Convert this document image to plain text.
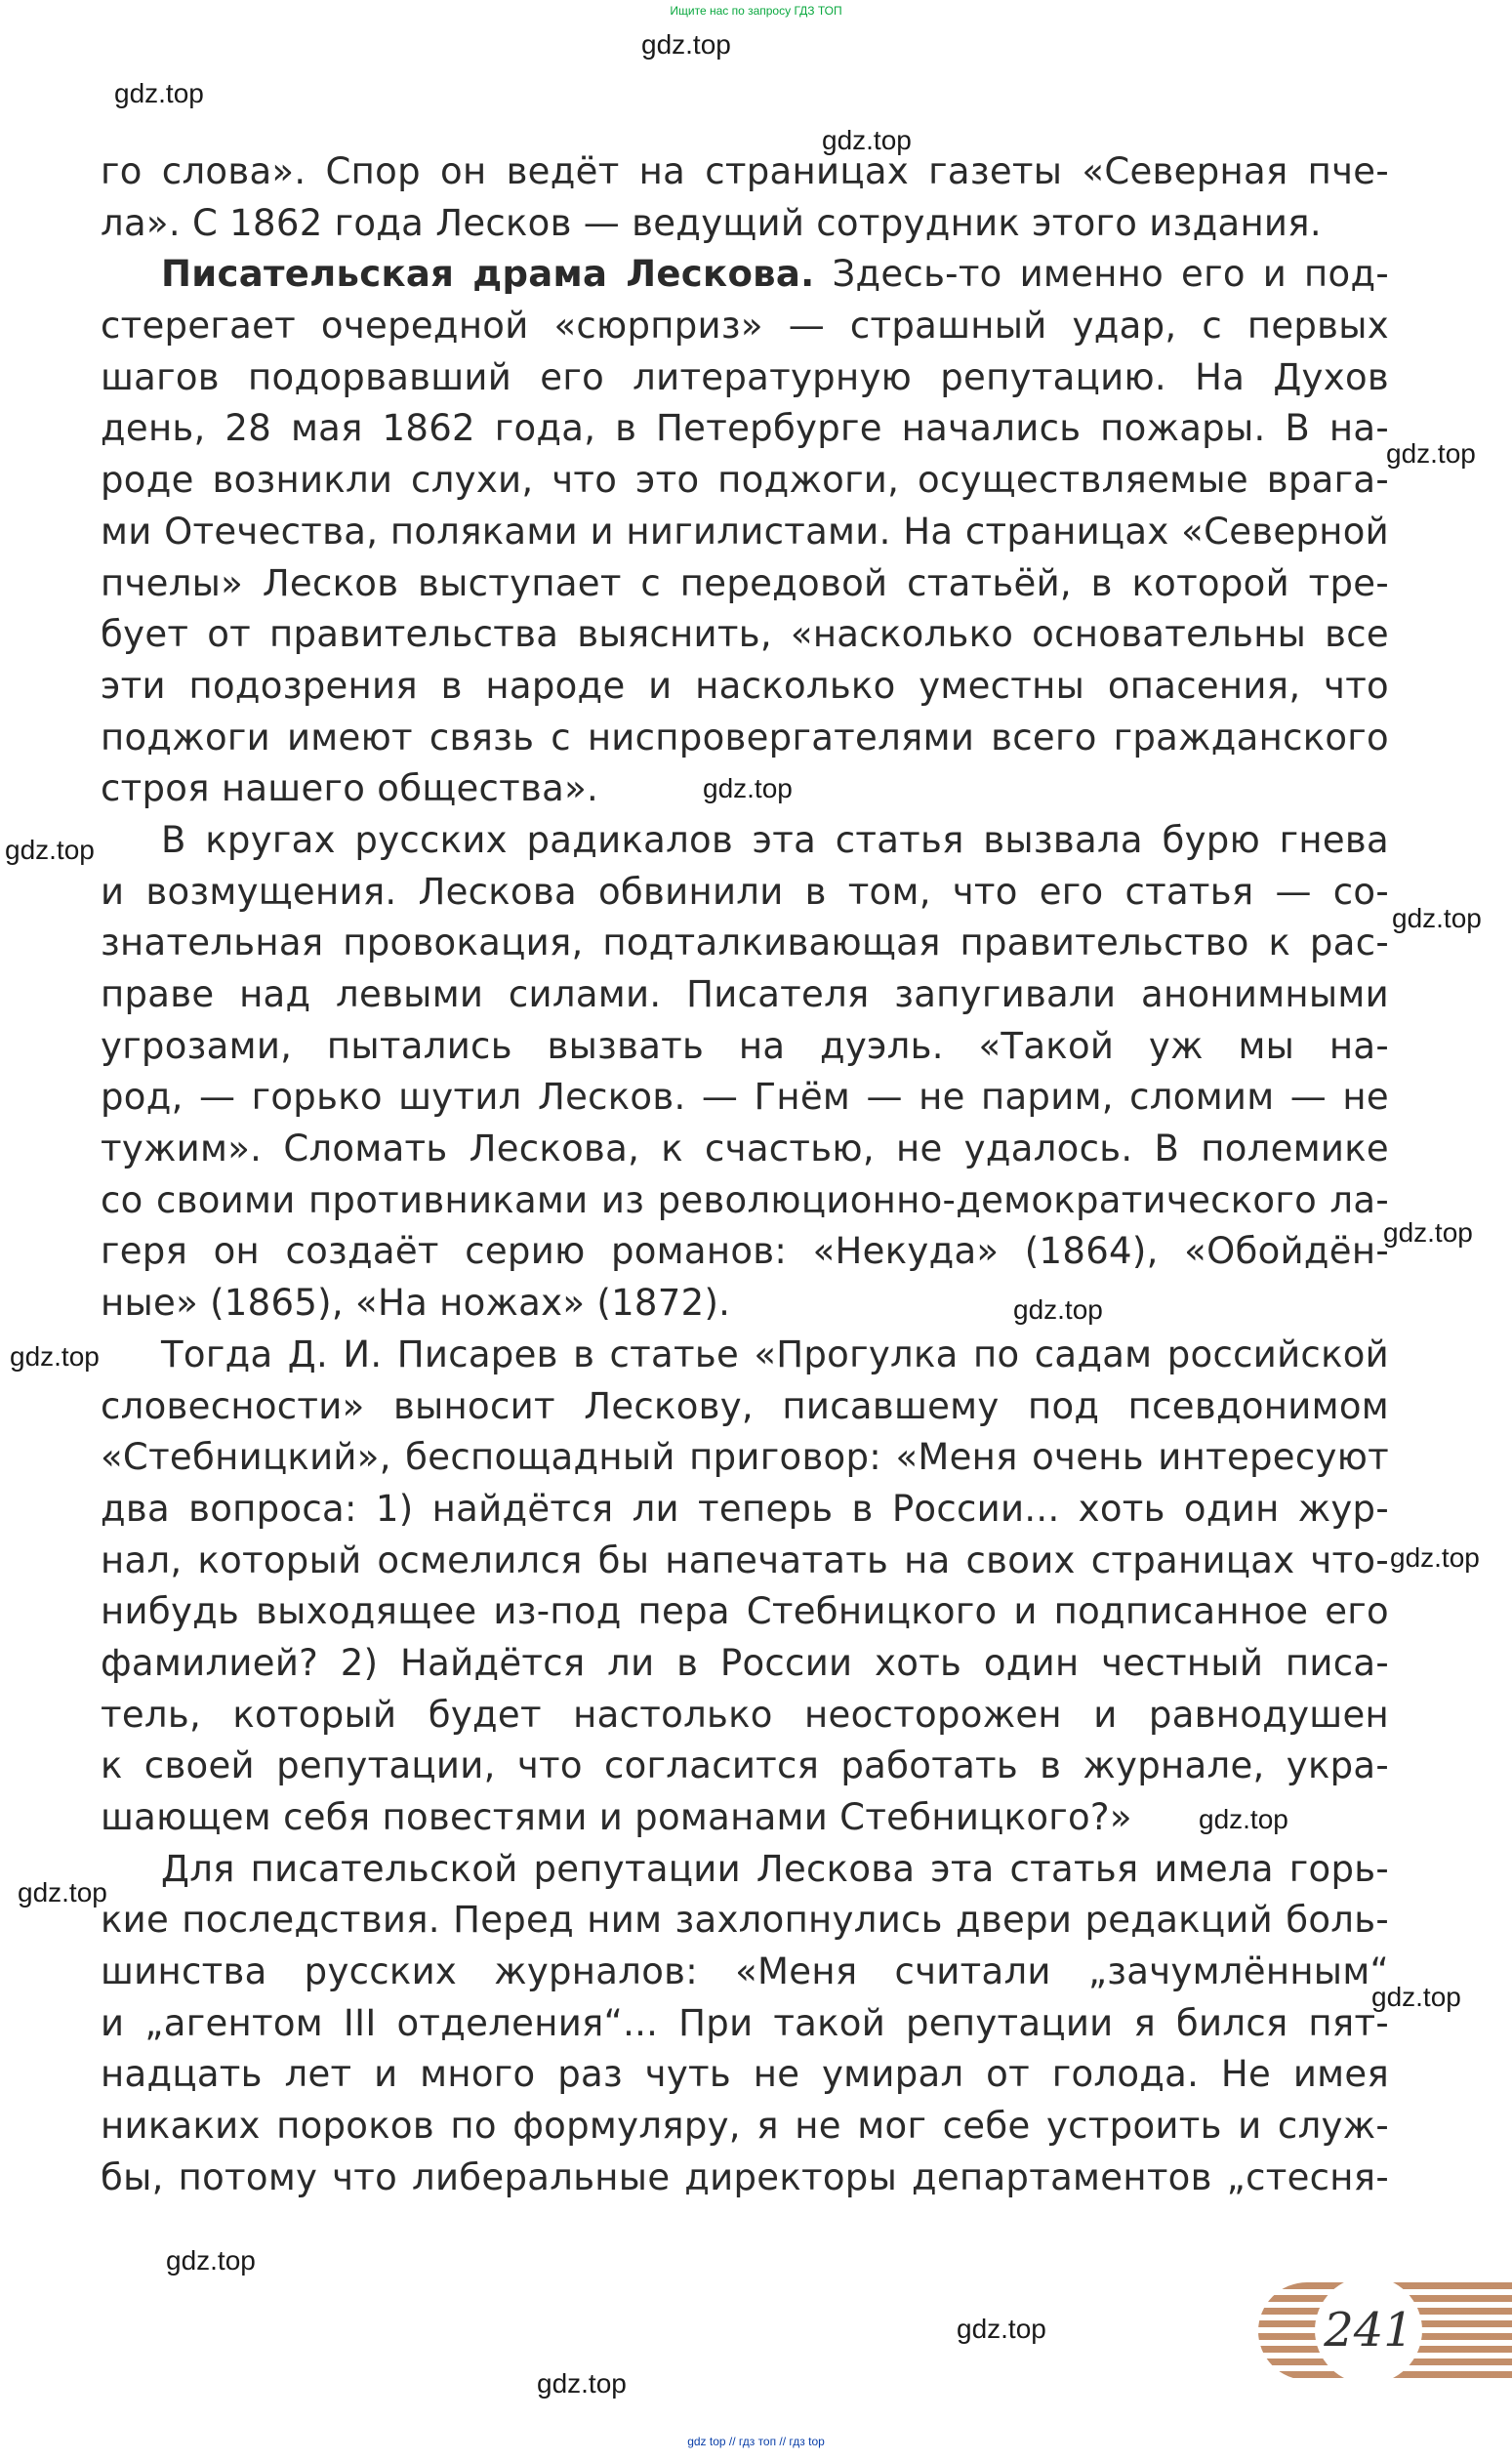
Ищите нас по запросу ГДЗ ТОП
gdz.top
gdz.top
gdz.top
gdz.top
gdz.top
gdz.top
gdz.top
gdz.top
gdz.top
gdz.top
gdz.top
gdz.top
gdz.top
gdz.top
gdz.top
gdz.top
gdz.top
го слова». Спор он ведёт на страницах газеты «Северная пче-
ла». С 1862 года Лесков — ведущий сотрудник этого издания.
Писательская драма Лескова. Здесь-то именно его и под-
стерегает очередной «сюрприз» — страшный удар, с первых
шагов подорвавший его литературную репутацию. На Духов
день, 28 мая 1862 года, в Петербурге начались пожары. В на-
роде возникли слухи, что это поджоги, осуществляемые врага-
ми Отечества, поляками и нигилистами. На страницах «Северной
пчелы» Лесков выступает с передовой статьёй, в которой тре-
бует от правительства выяснить, «насколько основательны все
эти подозрения в народе и насколько уместны опасения, что
поджоги имеют связь с ниспровергателями всего гражданского
строя нашего общества».
В кругах русских радикалов эта статья вызвала бурю гнева
и возмущения. Лескова обвинили в том, что его статья — со-
знательная провокация, подталкивающая правительство к рас-
праве над левыми силами. Писателя запугивали анонимными
угрозами, пытались вызвать на дуэль. «Такой уж мы на-
род, — горько шутил Лесков. — Гнём — не парим, сломим — не
тужим». Сломать Лескова, к счастью, не удалось. В полемике
со своими противниками из революционно-демократического ла-
геря он создаёт серию романов: «Некуда» (1864), «Обойдён-
ные» (1865), «На ножах» (1872).
Тогда Д. И. Писарев в статье «Прогулка по садам российской
словесности» выносит Лескову, писавшему под псевдонимом
«Стебницкий», беспощадный приговор: «Меня очень интересуют
два вопроса: 1) найдётся ли теперь в России... хоть один жур-
нал, который осмелился бы напечатать на своих страницах что-
нибудь выходящее из-под пера Стебницкого и подписанное его
фамилией? 2) Найдётся ли в России хоть один честный писа-
тель, который будет настолько неосторожен и равнодушен
к своей репутации, что согласится работать в журнале, укра-
шающем себя повестями и романами Стебницкого?»
Для писательской репутации Лескова эта статья имела горь-
кие последствия. Перед ним захлопнулись двери редакций боль-
шинства русских журналов: «Меня считали „зачумлённым“
и „агентом III отделения“... При такой репутации я бился пят-
надцать лет и много раз чуть не умирал от голода. Не имея
никаких пороков по формуляру, я не мог себе устроить и служ-
бы, потому что либеральные директоры департаментов „стесня-
241
gdz top // гдз топ // гдз top
